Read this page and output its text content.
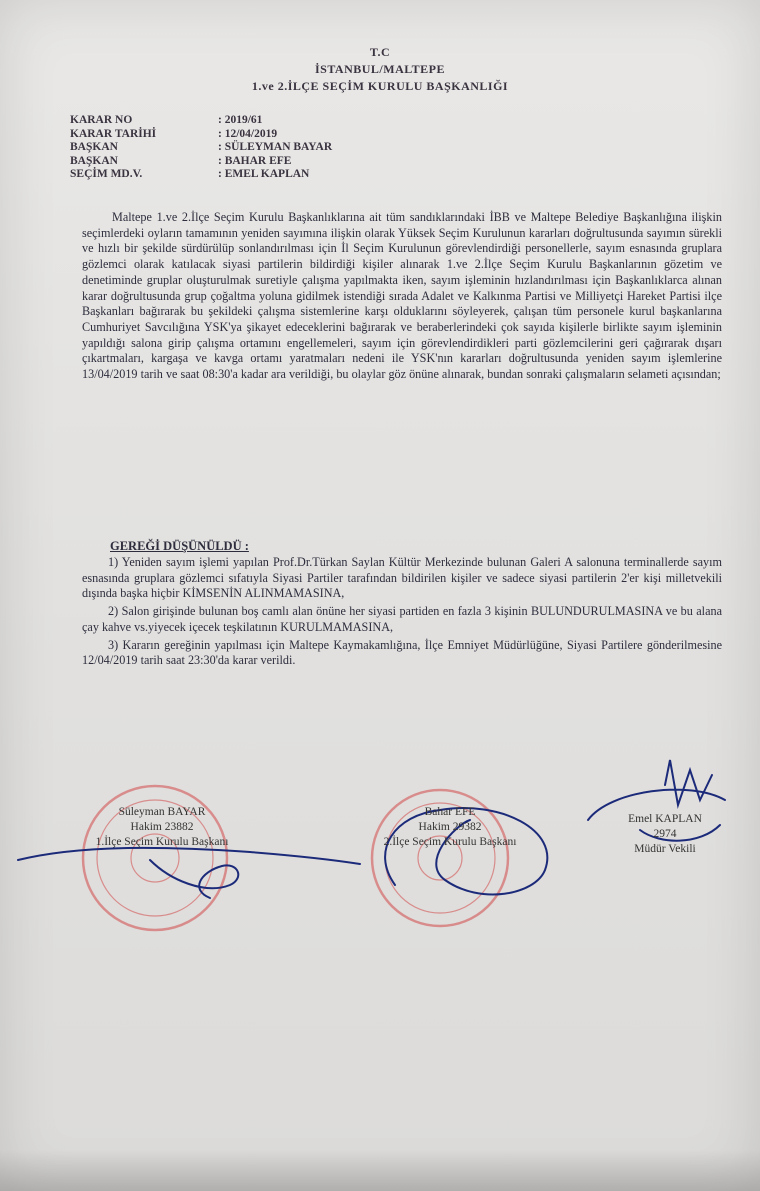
T.C
İSTANBUL/MALTEPE
1.ve 2.İLÇE SEÇİM KURULU BAŞKANLIĞI
KARAR NO	: 2019/61
KARAR TARİHİ	: 12/04/2019
BAŞKAN	: SÜLEYMAN BAYAR
BAŞKAN	: BAHAR EFE
SEÇİM MD.V.	: EMEL KAPLAN

Maltepe 1.ve 2.İlçe Seçim Kurulu Başkanlıklarına ait tüm sandıklarındaki İBB ve Maltepe Belediye Başkanlığına ilişkin seçimlerdeki oyların tamamının yeniden sayımına ilişkin olarak Yüksek Seçim Kurulunun kararları doğrultusunda sayımın sürekli ve hızlı bir şekilde sürdürülüp sonlandırılması için İl Seçim Kurulunun görevlendirdiği personellerle, sayım esnasında gruplara gözlemci olarak katılacak siyasi partilerin bildirdiği kişiler alınarak 1.ve 2.İlçe Seçim Kurulu Başkanlarının gözetim ve denetiminde gruplar oluşturulmak suretiyle çalışma yapılmakta iken, sayım işleminin hızlandırılması için Başkanlıklarca alınan karar doğrultusunda grup çoğaltma yoluna gidilmek istendiği sırada Adalet ve Kalkınma Partisi ve Milliyetçi Hareket Partisi ilçe Başkanları bağırarak bu şekildeki çalışma sistemlerine karşı olduklarını söyleyerek, çalışan tüm personele kurul başkanlarına Cumhuriyet Savcılığına YSK'ya şikayet edeceklerini bağırarak ve beraberlerindeki çok sayıda kişilerle birlikte sayım işleminin yapıldığı salona girip çalışma ortamını engellemeleri, sayım için görevlendirdikleri parti gözlemcilerini geri çağırarak dışarı çıkartmaları, kargaşa ve kavga ortamı yaratmaları nedeni ile YSK'nın kararları doğrultusunda yeniden sayım işlemlerine 13/04/2019 tarih ve saat 08:30'a kadar ara verildiği, bu olaylar göz önüne alınarak, bundan sonraki çalışmaların selameti açısından;

GEREĞİ DÜŞÜNÜLDÜ :

1) Yeniden sayım işlemi yapılan Prof.Dr.Türkan Saylan Kültür Merkezinde bulunan Galeri A salonuna terminallerde sayım esnasında gruplara gözlemci sıfatıyla Siyasi Partiler tarafından bildirilen kişiler ve sadece siyasi partilerin 2'er kişi milletvekili dışında başka hiçbir KİMSENİN ALINMAMASINA,

2) Salon girişinde bulunan boş camlı alan önüne her siyasi partiden en fazla 3 kişinin BULUNDURULMASINA ve bu alana çay kahve vs.yiyecek içecek teşkilatının KURULMAMASINA,

3) Kararın gereğinin yapılması için Maltepe Kaymakamlığına, İlçe Emniyet Müdürlüğüne, Siyasi Partilere gönderilmesine 12/04/2019 tarih saat 23:30'da karar verildi.

Süleyman BAYAR
Hakim 23882
1.İlçe Seçim Kurulu Başkanı
Bahar EFE
Hakim 29382
2.İlçe Seçim Kurulu Başkanı
Emel KAPLAN
2974
Müdür Vekili
